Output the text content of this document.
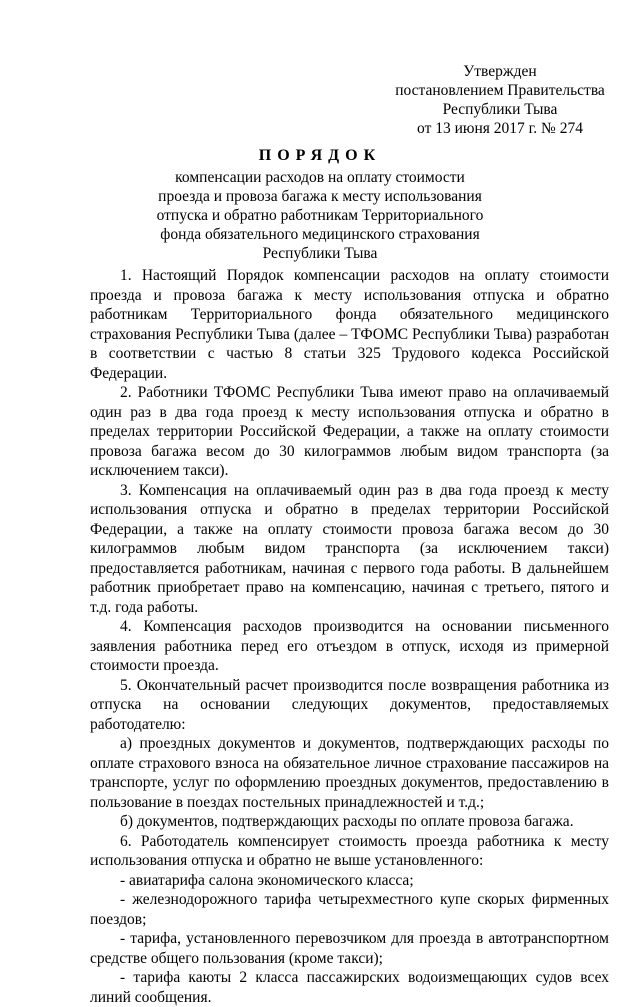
Утвержден
постановлением Правительства
Республики Тыва
от 13 июня 2017 г. № 274
ПОРЯДОК
компенсации расходов на оплату стоимости
проезда и провоза багажа к месту использования
отпуска и обратно работникам Территориального
фонда обязательного медицинского страхования
Республики Тыва

1. Настоящий Порядок компенсации расходов на оплату стоимости проезда и провоза багажа к месту использования отпуска и обратно работникам Территориального фонда обязательного медицинского страхования Республики Тыва (далее – ТФОМС Республики Тыва) разработан в соответствии с частью 8 статьи 325 Трудового кодекса Российской Федерации.

2. Работники ТФОМС Республики Тыва имеют право на оплачиваемый один раз в два года проезд к месту использования отпуска и обратно в пределах территории Российской Федерации, а также на оплату стоимости провоза багажа весом до 30 килограммов любым видом транспорта (за исключением такси).

3. Компенсация на оплачиваемый один раз в два года проезд к месту использования отпуска и обратно в пределах территории Российской Федерации, а также на оплату стоимости провоза багажа весом до 30 килограммов любым видом транспорта (за исключением такси) предоставляется работникам, начиная с первого года работы. В дальнейшем работник приобретает право на компенсацию, начиная с третьего, пятого и т.д. года работы.

4. Компенсация расходов производится на основании письменного заявления работника перед его отъездом в отпуск, исходя из примерной стоимости проезда.

5. Окончательный расчет производится после возвращения работника из отпуска на основании следующих документов, предоставляемых работодателю:

а) проездных документов и документов, подтверждающих расходы по оплате страхового взноса на обязательное личное страхование пассажиров на транспорте, услуг по оформлению проездных документов, предоставлению в пользование в поездах постельных принадлежностей и т.д.;

б) документов, подтверждающих расходы по оплате провоза багажа.

6. Работодатель компенсирует стоимость проезда работника к месту использования отпуска и обратно не выше установленного:

- авиатарифа салона экономического класса;

- железнодорожного тарифа четырехместного купе скорых фирменных поездов;

- тарифа, установленного перевозчиком для проезда в автотранспортном средстве общего пользования (кроме такси);

- тарифа каюты 2 класса пассажирских водоизмещающих судов всех линий сообщения.
